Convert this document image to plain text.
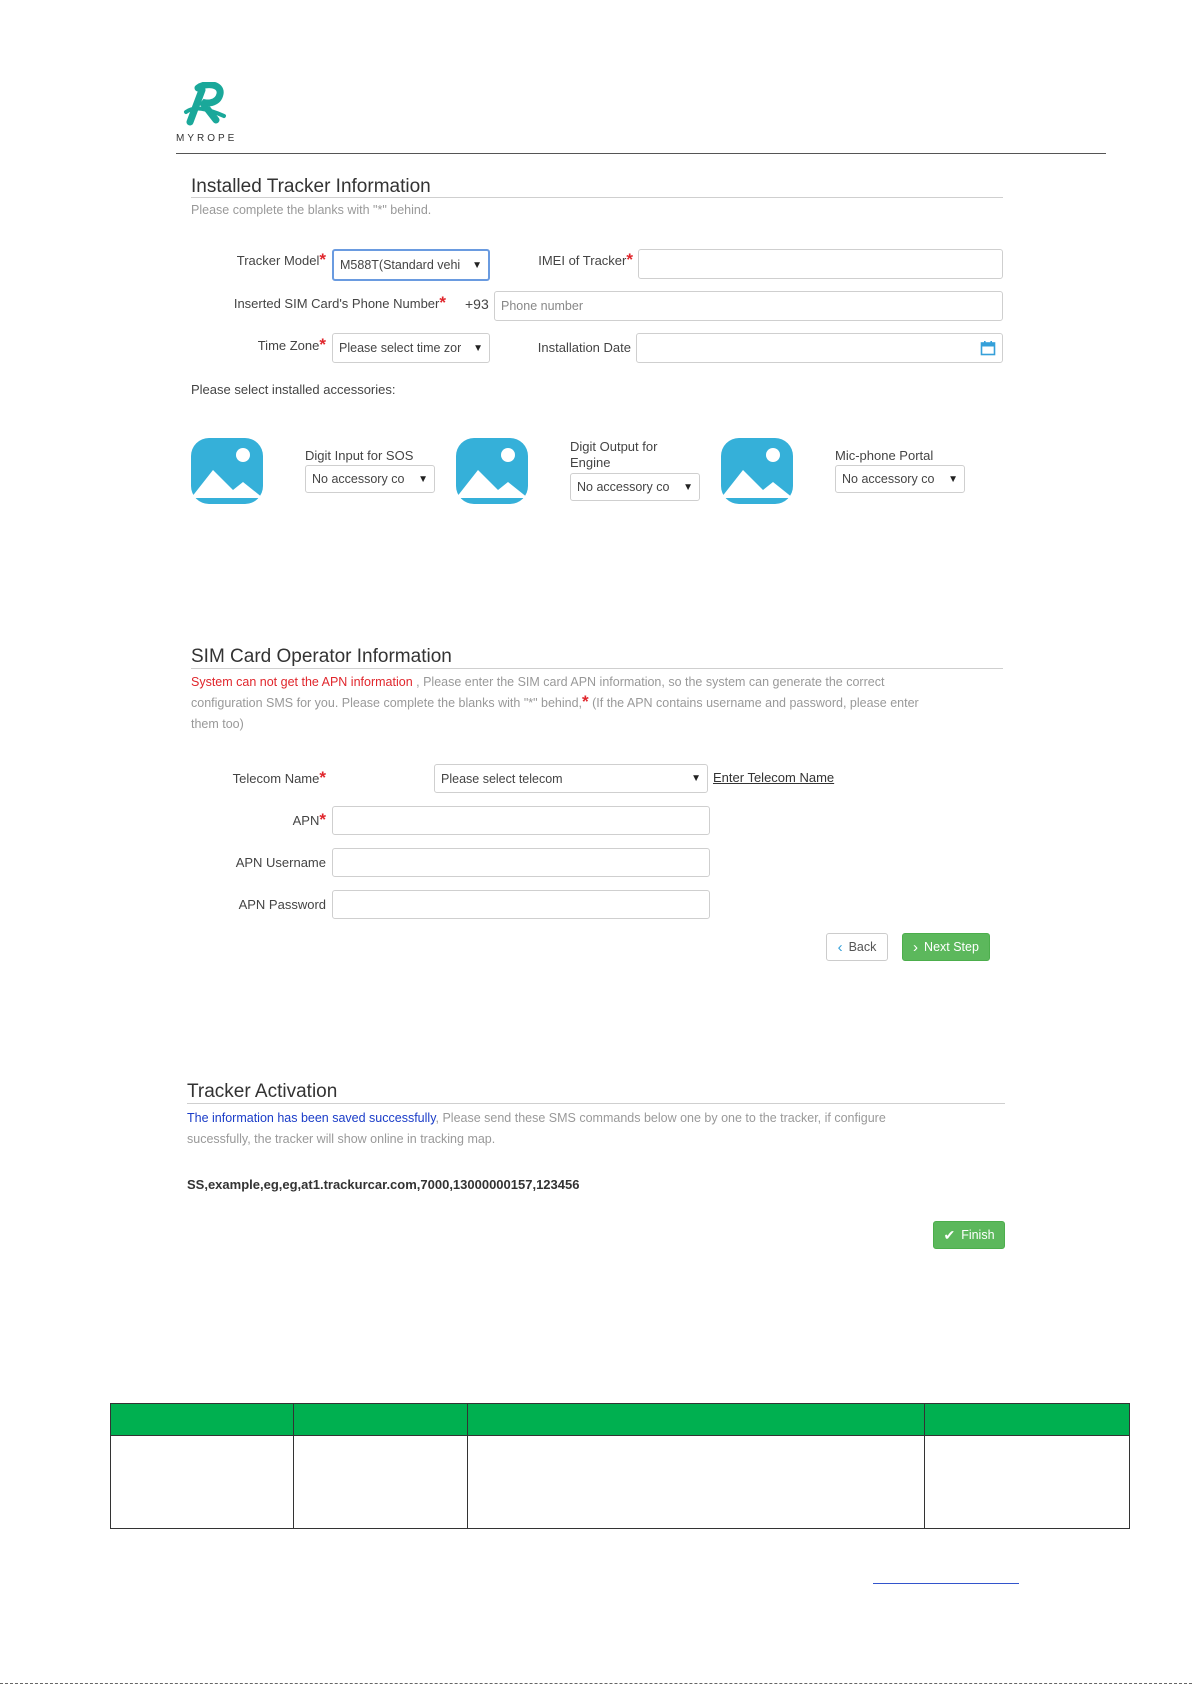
MYROPE
Installed Tracker Information
Please complete the blanks with "*" behind.
Tracker Model* M588T(Standard vehi	▼	IMEI of Tracker*
Inserted SIM Card's Phone Number* +93 Phone number
Time Zone* Please select time zor	▼	Installation Date
Please select installed accessories:
Digit Input for SOS
No accessory co	▼
Digit Output for
Engine
No accessory co	▼
Mic-phone Portal
No accessory co	▼
SIM Card Operator Information
System can not get the APN information , Please enter the SIM card APN information, so the system can generate the correct
configuration SMS for you. Please complete the blanks with "*" behind,* (If the APN contains username and password, please enter
them too)
Telecom Name*	Please select telecom	▼ Enter Telecom Name
APN*
APN Username
APN Password
‹ Back › Next Step
Tracker Activation
The information has been saved successfully, Please send these SMS commands below one by one to the tracker, if configure
sucessfully, the tracker will show online in tracking map.
SS,example,eg,eg,at1.trackurcar.com,7000,13000000157,123456
✔ Finish
